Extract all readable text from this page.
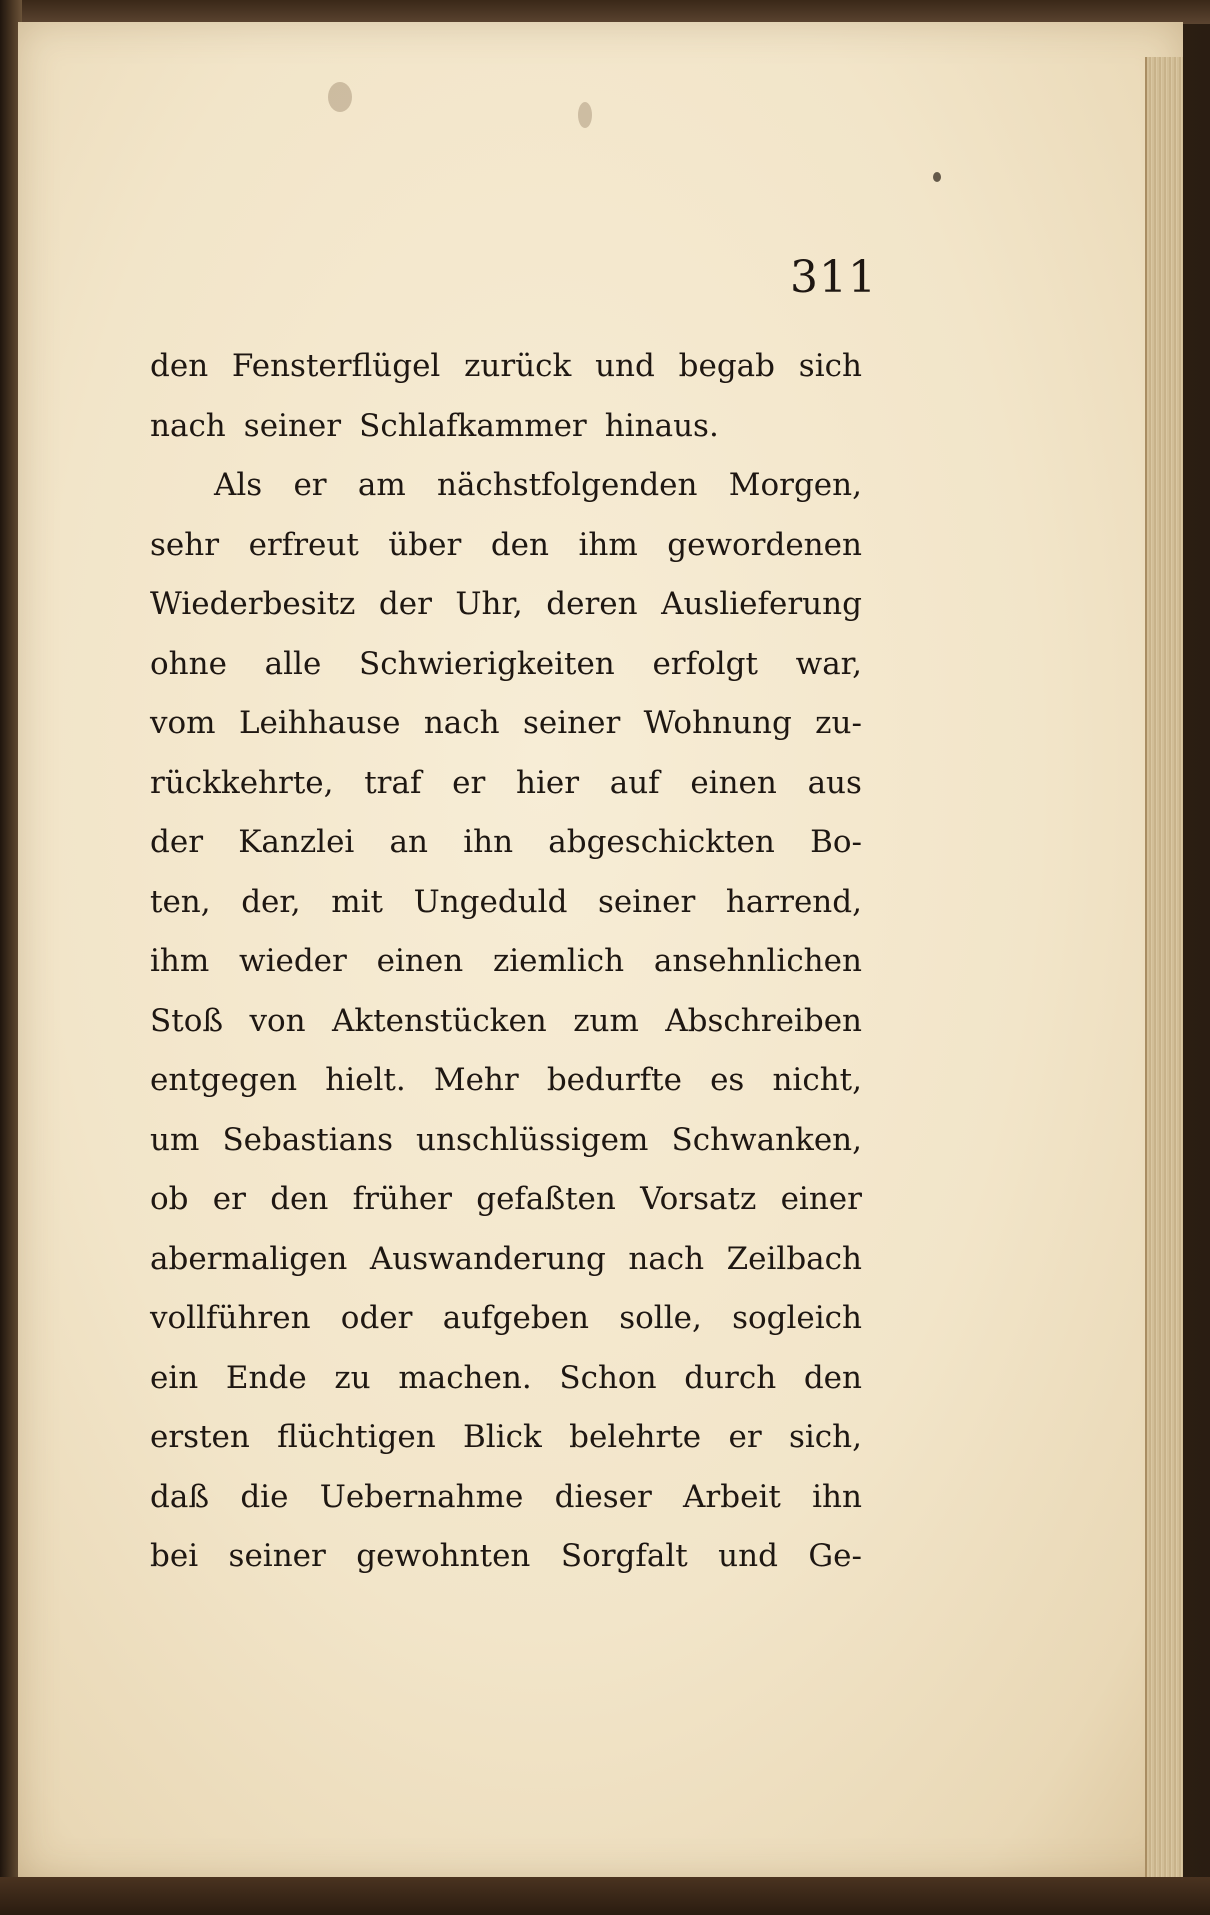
311
den Fensterflügel zurück und begab sich
nach seiner Schlafkammer hinaus.
Als er am nächstfolgenden Morgen,
sehr erfreut über den ihm gewordenen
Wiederbesitz der Uhr, deren Auslieferung
ohne alle Schwierigkeiten erfolgt war,
vom Leihhause nach seiner Wohnung zu-
rückkehrte, traf er hier auf einen aus
der Kanzlei an ihn abgeschickten Bo-
ten, der, mit Ungeduld seiner harrend,
ihm wieder einen ziemlich ansehnlichen
Stoß von Aktenstücken zum Abschreiben
entgegen hielt. Mehr bedurfte es nicht,
um Sebastians unschlüssigem Schwanken,
ob er den früher gefaßten Vorsatz einer
abermaligen Auswanderung nach Zeilbach
vollführen oder aufgeben solle, sogleich
ein Ende zu machen. Schon durch den
ersten flüchtigen Blick belehrte er sich,
daß die Uebernahme dieser Arbeit ihn
bei seiner gewohnten Sorgfalt und Ge-
